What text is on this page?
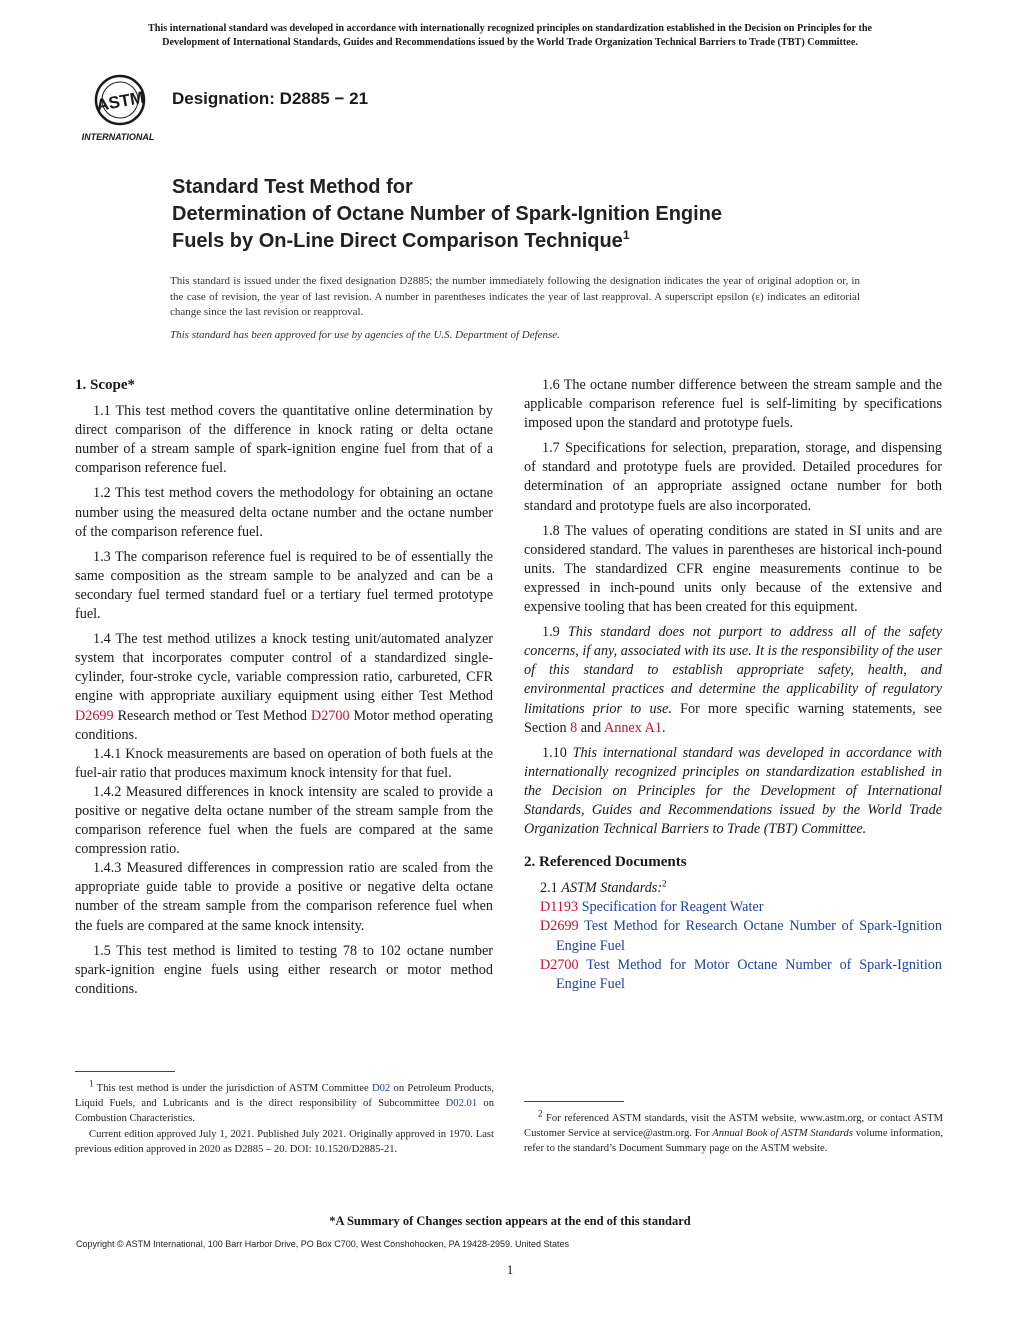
This international standard was developed in accordance with internationally recognized principles on standardization established in the Decision on Principles for the
Development of International Standards, Guides and Recommendations issued by the World Trade Organization Technical Barriers to Trade (TBT) Committee.
ASTM
INTERNATIONAL
Designation: D2885 − 21
Standard Test Method for
Determination of Octane Number of Spark-Ignition Engine
Fuels by On-Line Direct Comparison Technique$^1$
This standard is issued under the fixed designation D2885; the number immediately following the designation indicates the year of original adoption or, in the case of revision, the year of last revision. A number in parentheses indicates the year of last reapproval. A superscript epsilon (ε) indicates an editorial change since the last revision or reapproval.
This standard has been approved for use by agencies of the U.S. Department of Defense.

1. Scope*

1.1 This test method covers the quantitative online determination by direct comparison of the difference in knock rating or delta octane number of a stream sample of spark-ignition engine fuel from that of a comparison reference fuel.

1.2 This test method covers the methodology for obtaining an octane number using the measured delta octane number and the octane number of the comparison reference fuel.

1.3 The comparison reference fuel is required to be of essentially the same composition as the stream sample to be analyzed and can be a secondary fuel termed standard fuel or a tertiary fuel termed prototype fuel.

1.4 The test method utilizes a knock testing unit/automated analyzer system that incorporates computer control of a standardized single-cylinder, four-stroke cycle, variable compression ratio, carbureted, CFR engine with appropriate auxiliary equipment using either Test Method D2699 Research method or Test Method D2700 Motor method operating conditions.

1.4.1 Knock measurements are based on operation of both fuels at the fuel-air ratio that produces maximum knock intensity for that fuel.

1.4.2 Measured differences in knock intensity are scaled to provide a positive or negative delta octane number of the stream sample from the comparison reference fuel when the fuels are compared at the same compression ratio.

1.4.3 Measured differences in compression ratio are scaled from the appropriate guide table to provide a positive or negative delta octane number of the stream sample from the comparison reference fuel when the fuels are compared at the same knock intensity.

1.5 This test method is limited to testing 78 to 102 octane number spark-ignition engine fuels using either research or motor method conditions.

1.6 The octane number difference between the stream sample and the applicable comparison reference fuel is self-limiting by specifications imposed upon the standard and prototype fuels.

1.7 Specifications for selection, preparation, storage, and dispensing of standard and prototype fuels are provided. Detailed procedures for determination of an appropriate assigned octane number for both standard and prototype fuels are also incorporated.

1.8 The values of operating conditions are stated in SI units and are considered standard. The values in parentheses are historical inch-pound units. The standardized CFR engine measurements continue to be expressed in inch-pound units only because of the extensive and expensive tooling that has been created for this equipment.

1.9 This standard does not purport to address all of the safety concerns, if any, associated with its use. It is the responsibility of the user of this standard to establish appropriate safety, health, and environmental practices and determine the applicability of regulatory limitations prior to use. For more specific warning statements, see Section 8 and Annex A1.

1.10 This international standard was developed in accordance with internationally recognized principles on standardization established in the Decision on Principles for the Development of International Standards, Guides and Recommendations issued by the World Trade Organization Technical Barriers to Trade (TBT) Committee.

2. Referenced Documents

2.1 ASTM Standards:$^2$

D1193 Specification for Reagent Water

D2699 Test Method for Research Octane Number of Spark-Ignition Engine Fuel

D2700 Test Method for Motor Octane Number of Spark-Ignition Engine Fuel

$^1$ This test method is under the jurisdiction of ASTM Committee D02 on Petroleum Products, Liquid Fuels, and Lubricants and is the direct responsibility of Subcommittee D02.01 on Combustion Characteristics.

Current edition approved July 1, 2021. Published July 2021. Originally approved in 1970. Last previous edition approved in 2020 as D2885 – 20. DOI: 10.1520/D2885-21.

$^2$ For referenced ASTM standards, visit the ASTM website, www.astm.org, or contact ASTM Customer Service at service@astm.org. For Annual Book of ASTM Standards volume information, refer to the standard’s Document Summary page on the ASTM website.

*A Summary of Changes section appears at the end of this standard
Copyright © ASTM International, 100 Barr Harbor Drive, PO Box C700, West Conshohocken, PA 19428-2959. United States
1
